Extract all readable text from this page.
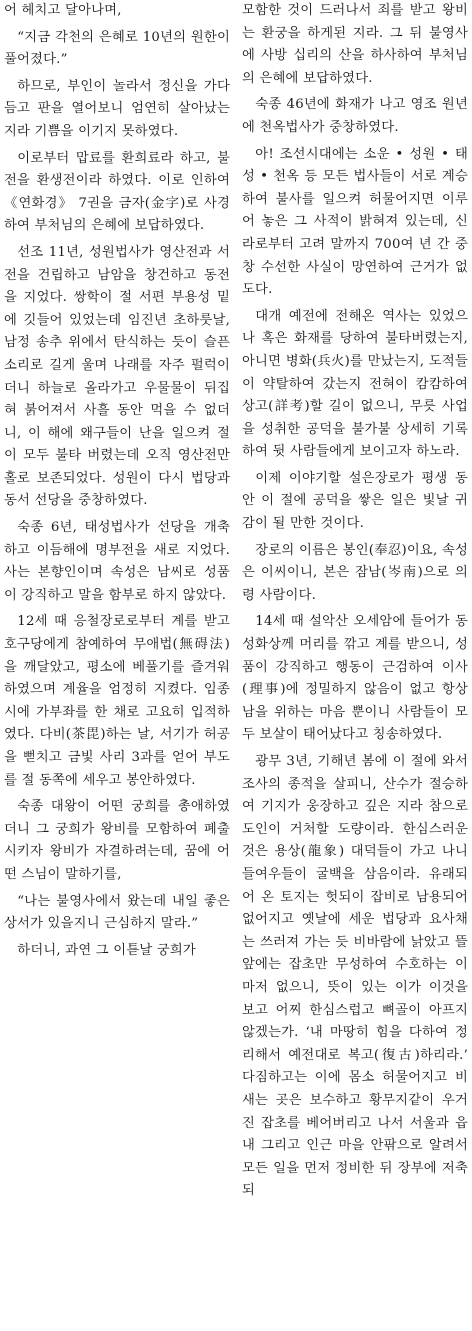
어 헤치고 달아나며,

“지금 각천의 은혜로 10년의 원한이 풀어졌다.”

하므로, 부인이 놀라서 정신을 가다듬고 판을 열어보니 엄연히 살아났는 지라 기쁨을 이기지 못하였다.

이로부터 맙료를 환희료라 하고, 불전을 환생전이라 하였다. 이로 인하여 《연화경》 7권을 금자(金字)로 사경하여 부처님의 은혜에 보답하였다.

선조 11년, 성원법사가 영산전과 서전을 건립하고 남암을 창건하고 동전을 지었다. 쌍학이 절 서편 부용성 밑에 깃들어 있었는데 임진년 초하룻날, 남정 송추 위에서 탄식하는 듯이 슬픈 소리로 길게 울며 나래를 자주 펄럭이더니 하늘로 올라가고 우물물이 뒤집혀 붉어져서 사흘 동안 먹을 수 없더니, 이 해에 왜구들이 난을 일으켜 절이 모두 불타 버렸는데 오직 영산전만 홀로 보존되었다. 성원이 다시 법당과 동서 선당을 중창하였다.

숙종 6년, 태성법사가 선당을 개축하고 이듬해에 명부전을 새로 지었다. 사는 본향인이며 속성은 남씨로 성품이 강직하고 말을 함부로 하지 않았다.

12세 때 응철장로로부터 계를 받고 호구당에게 참예하여 무애법(無碍法)을 깨달았고, 평소에 베풀기를 즐겨워 하였으며 계율을 엄정히 지켰다. 임종시에 가부좌를 한 채로 고요히 입적하였다. 다비(茶毘)하는 날, 서기가 허공을 뻗치고 금빛 사리 3과를 얻어 부도를 절 동쪽에 세우고 봉안하였다.

숙종 대왕이 어떤 궁희를 총애하였더니 그 궁희가 왕비를 모함하여 폐출시키자 왕비가 자결하려는데, 꿈에 어떤 스님이 말하기를,

“나는 불영사에서 왔는데 내일 좋은 상서가 있을지니 근심하지 말라.”

하더니, 과연 그 이튿날 궁희가

모함한 것이 드러나서 죄를 받고 왕비는 환궁을 하게된 지라. 그 뒤 불영사에 사방 십리의 산을 하사하여 부처님의 은혜에 보답하였다.

숙종 46년에 화재가 나고 영조 원년에 천옥법사가 중창하였다.

아! 조선시대에는 소운 • 성원 • 태성 • 천옥 등 모든 법사들이 서로 계승하여 불사를 일으켜 허물어지면 이루어 놓은 그 사적이 밝혀져 있는데, 신라로부터 고려 말까지 700여 년 간 중창 수선한 사실이 망연하여 근거가 없도다.

대개 예전에 전해온 역사는 있었으나 혹은 화재를 당하여 불타버렸는지, 아니면 병화(兵火)를 만났는지, 도적들이 약탈하여 갔는지 전혀이 캄캄하여 상고(詳考)할 길이 없으니, 무릇 사업을 성취한 공덕을 불가불 상세히 기록하여 뒷 사람들에게 보이고자 하노라.

이제 이야기할 설은장로가 평생 동안 이 절에 공덕을 쌓은 일은 빛날 귀감이 될 만한 것이다.

장로의 이름은 봉인(奉忍)이요, 속성은 이씨이니, 본은 잠남(岑南)으로 의령 사람이다.

14세 때 설악산 오세암에 들어가 동성화상께 머리를 깎고 계를 받으니, 성품이 강직하고 행동이 근검하여 이사(理事)에 정밀하지 않음이 없고 항상 남을 위하는 마음 뿐이니 사람들이 모두 보살이 태어났다고 칭송하였다.

광무 3년, 기해년 봄에 이 절에 와서 조사의 종적을 살피니, 산수가 절승하여 기지가 웅장하고 깊은 지라 참으로 도인이 거처할 도량이라. 한심스러운 것은 용상(龍象) 대덕들이 가고 나니 들여우들이 굴백을 삼음이라. 유래되어 온 토지는 헛되이 잡비로 남용되어 없어지고 옛날에 세운 법당과 요사채는 쓰러져 가는 듯 비바람에 낡았고 뜰앞에는 잡초만 무성하여 수호하는 이 마저 없으니, 뜻이 있는 이가 이것을 보고 어찌 한심스럽고 뼈골이 아프지 않겠는가. ‘내 마땅히 힘을 다하여 정리해서 예전대로 복고(復古)하리라.’ 다짐하고는 이에 몸소 허물어지고 비 새는 곳은 보수하고 황무지같이 우거진 잡초를 베어버리고 나서 서울과 읍내 그리고 인근 마을 안팎으로 알려서 모든 일을 먼저 정비한 뒤 장부에 저축되
